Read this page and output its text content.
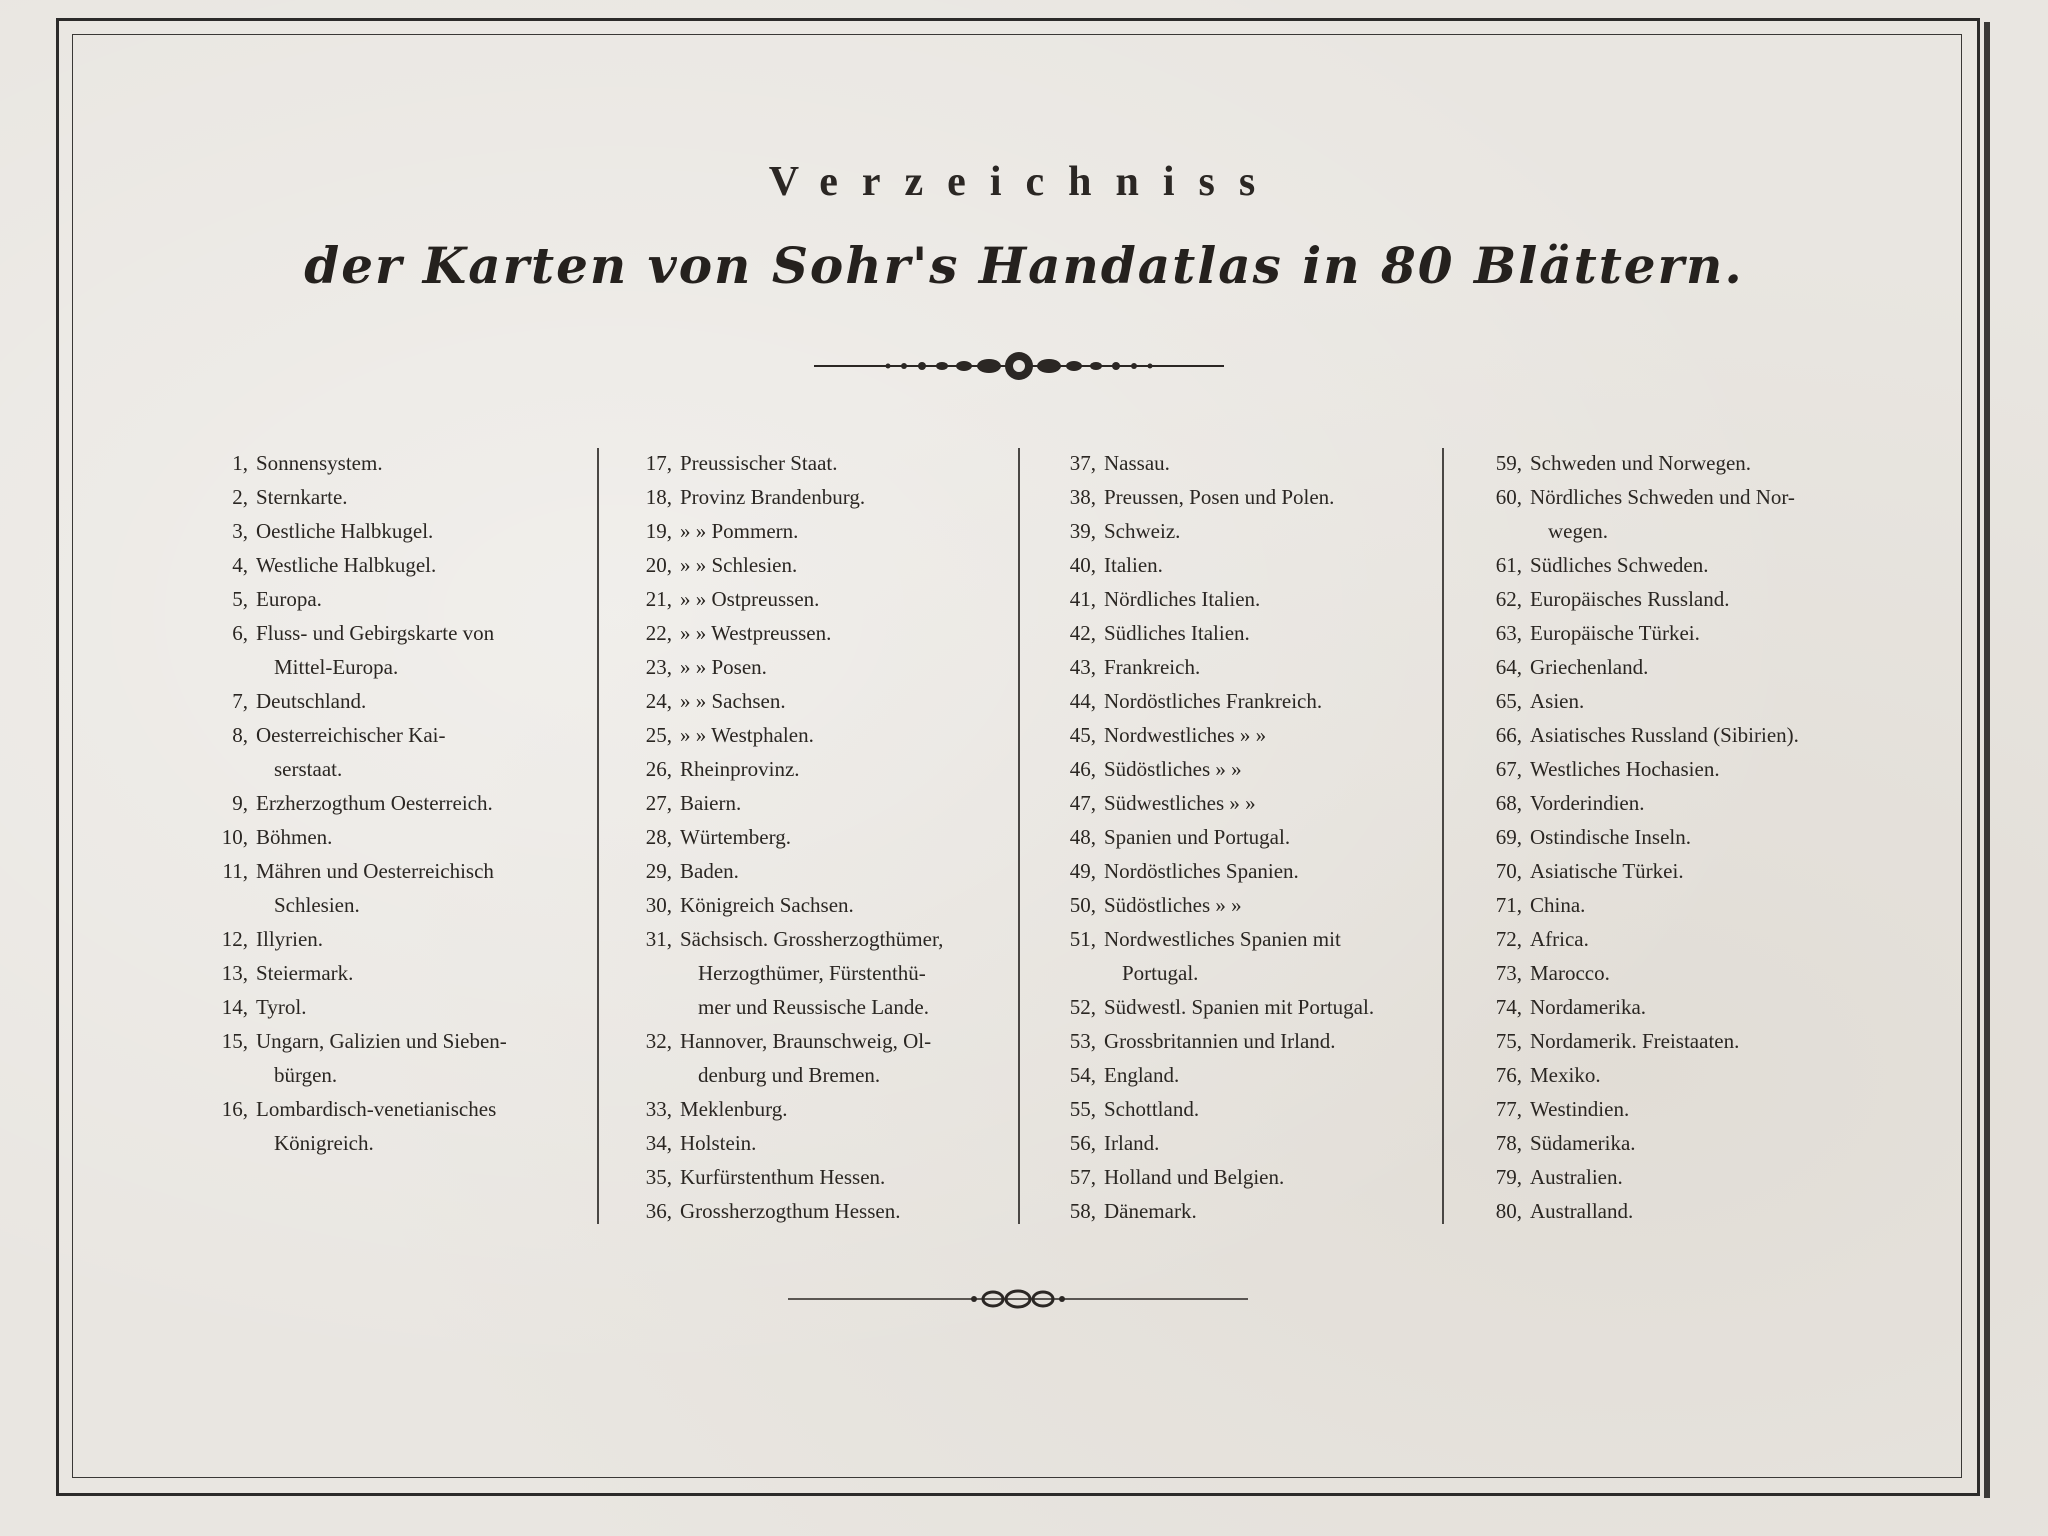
Verzeichniss
der Karten von Sohr's Handatlas in 80 Blättern.
1, Sonnensystem.
2, Sternkarte.
3, Oestliche Halbkugel.
4, Westliche Halbkugel.
5, Europa.
6, Fluss- und Gebirgskarte von
Mittel-Europa.
7, Deutschland.
8, Oesterreichischer Kai-
serstaat.
9, Erzherzogthum Oesterreich.
10, Böhmen.
11, Mähren und Oesterreichisch
Schlesien.
12, Illyrien.
13, Steiermark.
14, Tyrol.
15, Ungarn, Galizien und Sieben-
bürgen.
16, Lombardisch-venetianisches
Königreich.
17, Preussischer Staat.
18, Provinz Brandenburg.
19, » » Pommern.
20, » » Schlesien.
21, » » Ostpreussen.
22, » » Westpreussen.
23, » » Posen.
24, » » Sachsen.
25, » » Westphalen.
26, Rheinprovinz.
27, Baiern.
28, Würtemberg.
29, Baden.
30, Königreich Sachsen.
31, Sächsisch. Grossherzogthümer,
Herzogthümer, Fürstenthü-
mer und Reussische Lande.
32, Hannover, Braunschweig, Ol-
denburg und Bremen.
33, Meklenburg.
34, Holstein.
35, Kurfürstenthum Hessen.
36, Grossherzogthum Hessen.
37, Nassau.
38, Preussen, Posen und Polen.
39, Schweiz.
40, Italien.
41, Nördliches Italien.
42, Südliches Italien.
43, Frankreich.
44, Nordöstliches Frankreich.
45, Nordwestliches » »
46, Südöstliches » »
47, Südwestliches » »
48, Spanien und Portugal.
49, Nordöstliches Spanien.
50, Südöstliches » »
51, Nordwestliches Spanien mit
Portugal.
52, Südwestl. Spanien mit Portugal.
53, Grossbritannien und Irland.
54, England.
55, Schottland.
56, Irland.
57, Holland und Belgien.
58, Dänemark.
59, Schweden und Norwegen.
60, Nördliches Schweden und Nor-
wegen.
61, Südliches Schweden.
62, Europäisches Russland.
63, Europäische Türkei.
64, Griechenland.
65, Asien.
66, Asiatisches Russland (Sibirien).
67, Westliches Hochasien.
68, Vorderindien.
69, Ostindische Inseln.
70, Asiatische Türkei.
71, China.
72, Africa.
73, Marocco.
74, Nordamerika.
75, Nordamerik. Freistaaten.
76, Mexiko.
77, Westindien.
78, Südamerika.
79, Australien.
80, Australland.
